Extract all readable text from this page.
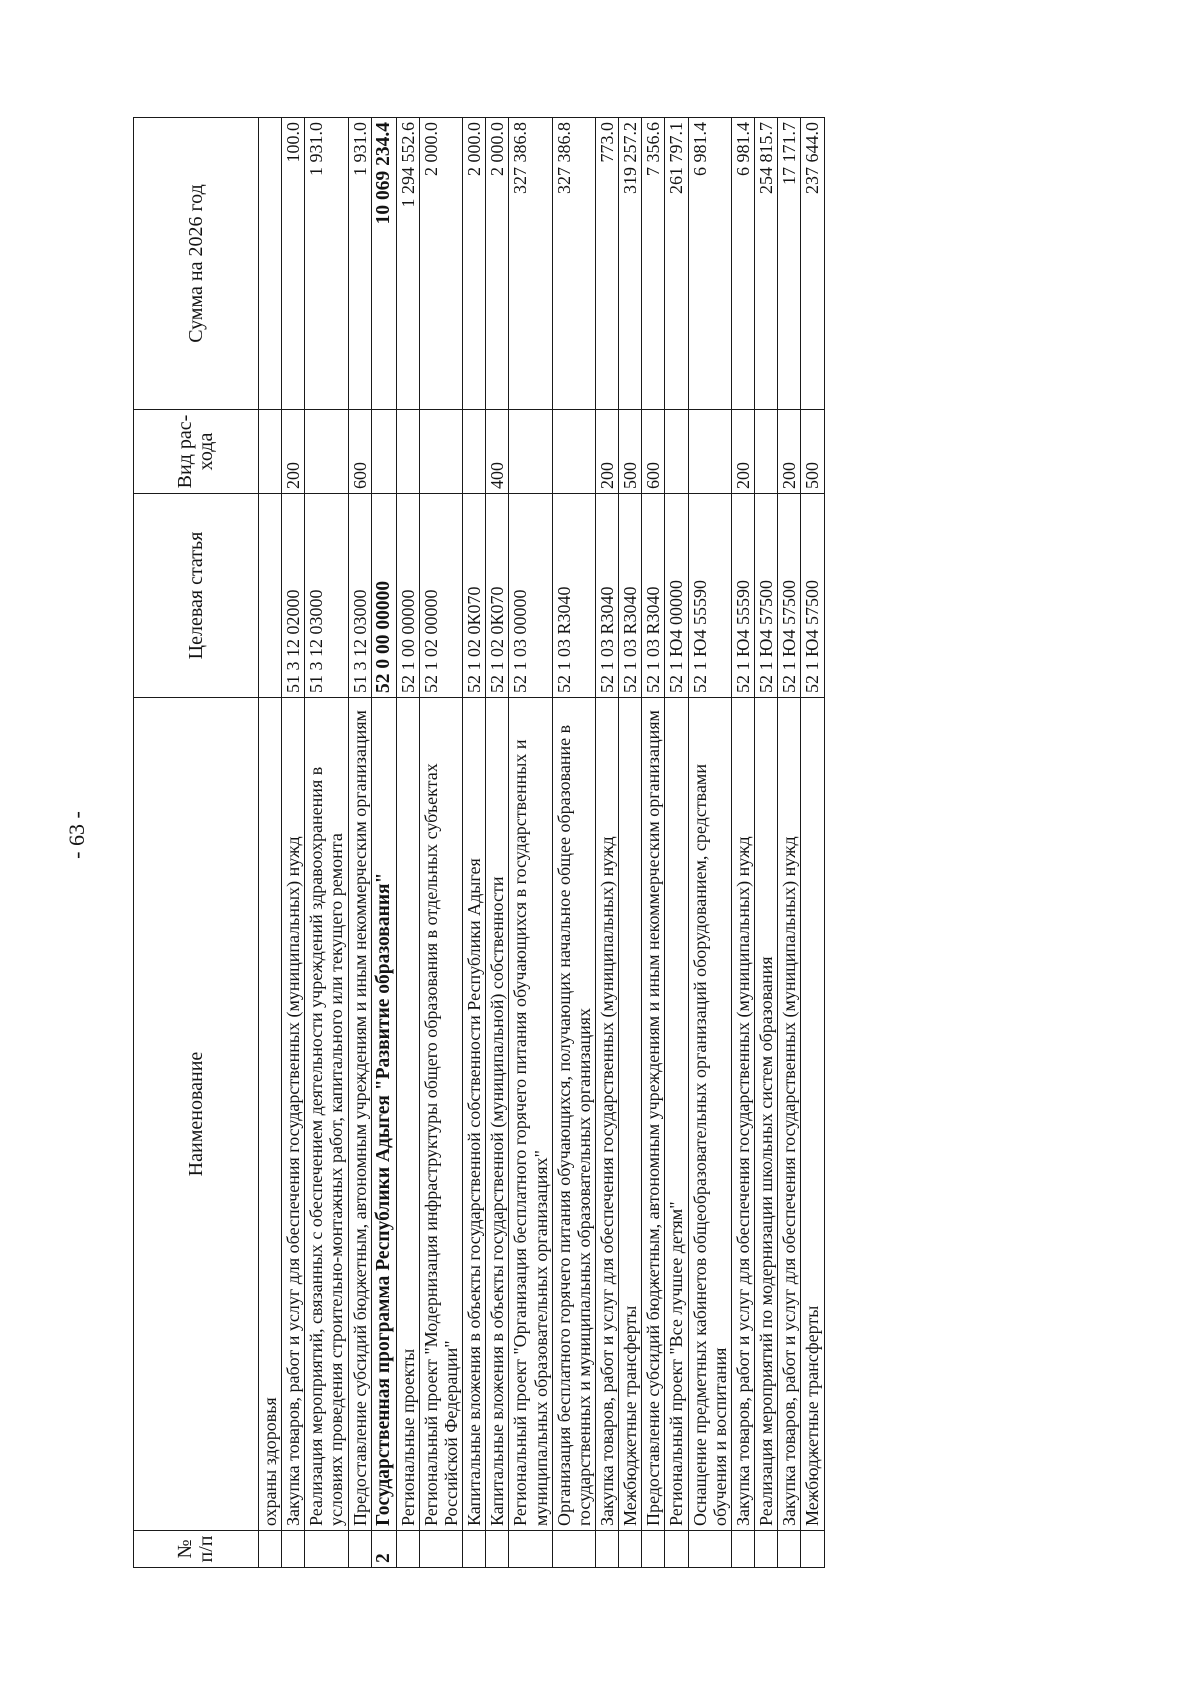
- 63 -
№ п/п	Наименование	Целевая статья	Вид рас- хода	Сумма на 2026 год
	охраны здоровья			
	Закупка товаров, работ и услуг для обеспечения государственных (муниципальных) нужд	51 3 12 02000	200	100.0
	Реализация мероприятий, связанных с обеспечением деятельности учреждений здравоохранения в условиях проведения строительно-монтажных работ, капитального или текущего ремонта	51 3 12 03000		1 931.0
	Предоставление субсидий бюджетным, автономным учреждениям и иным некоммерческим организациям	51 3 12 03000	600	1 931.0
2	Государственная программа Республики Адыгея "Развитие образования"	52 0 00 00000		10 069 234.4
	Региональные проекты	52 1 00 00000		1 294 552.6
	Региональный проект "Модернизация инфраструктуры общего образования в отдельных субъектах Российской Федерации"	52 1 02 00000		2 000.0
	Капитальные вложения в объекты государственной собственности Республики Адыгея	52 1 02 0К070		2 000.0
	Капитальные вложения в объекты государственной (муниципальной) собственности	52 1 02 0К070	400	2 000.0
	Региональный проект "Организация бесплатного горячего питания обучающихся в государственных и муниципальных образовательных организациях"	52 1 03 00000		327 386.8
	Организация бесплатного горячего питания обучающихся, получающих начальное общее образование в государственных и муниципальных образовательных организациях	52 1 03 R3040		327 386.8
	Закупка товаров, работ и услуг для обеспечения государственных (муниципальных) нужд	52 1 03 R3040	200	773.0
	Межбюджетные трансферты	52 1 03 R3040	500	319 257.2
	Предоставление субсидий бюджетным, автономным учреждениям и иным некоммерческим организациям	52 1 03 R3040	600	7 356.6
	Региональный проект "Все лучшее детям"	52 1 Ю4 00000		261 797.1
	Оснащение предметных кабинетов общеобразовательных организаций оборудованием, средствами обучения и воспитания	52 1 Ю4 55590		6 981.4
	Закупка товаров, работ и услуг для обеспечения государственных (муниципальных) нужд	52 1 Ю4 55590	200	6 981.4
	Реализация мероприятий по модернизации школьных систем образования	52 1 Ю4 57500		254 815.7
	Закупка товаров, работ и услуг для обеспечения государственных (муниципальных) нужд	52 1 Ю4 57500	200	17 171.7
	Межбюджетные трансферты	52 1 Ю4 57500	500	237 644.0
